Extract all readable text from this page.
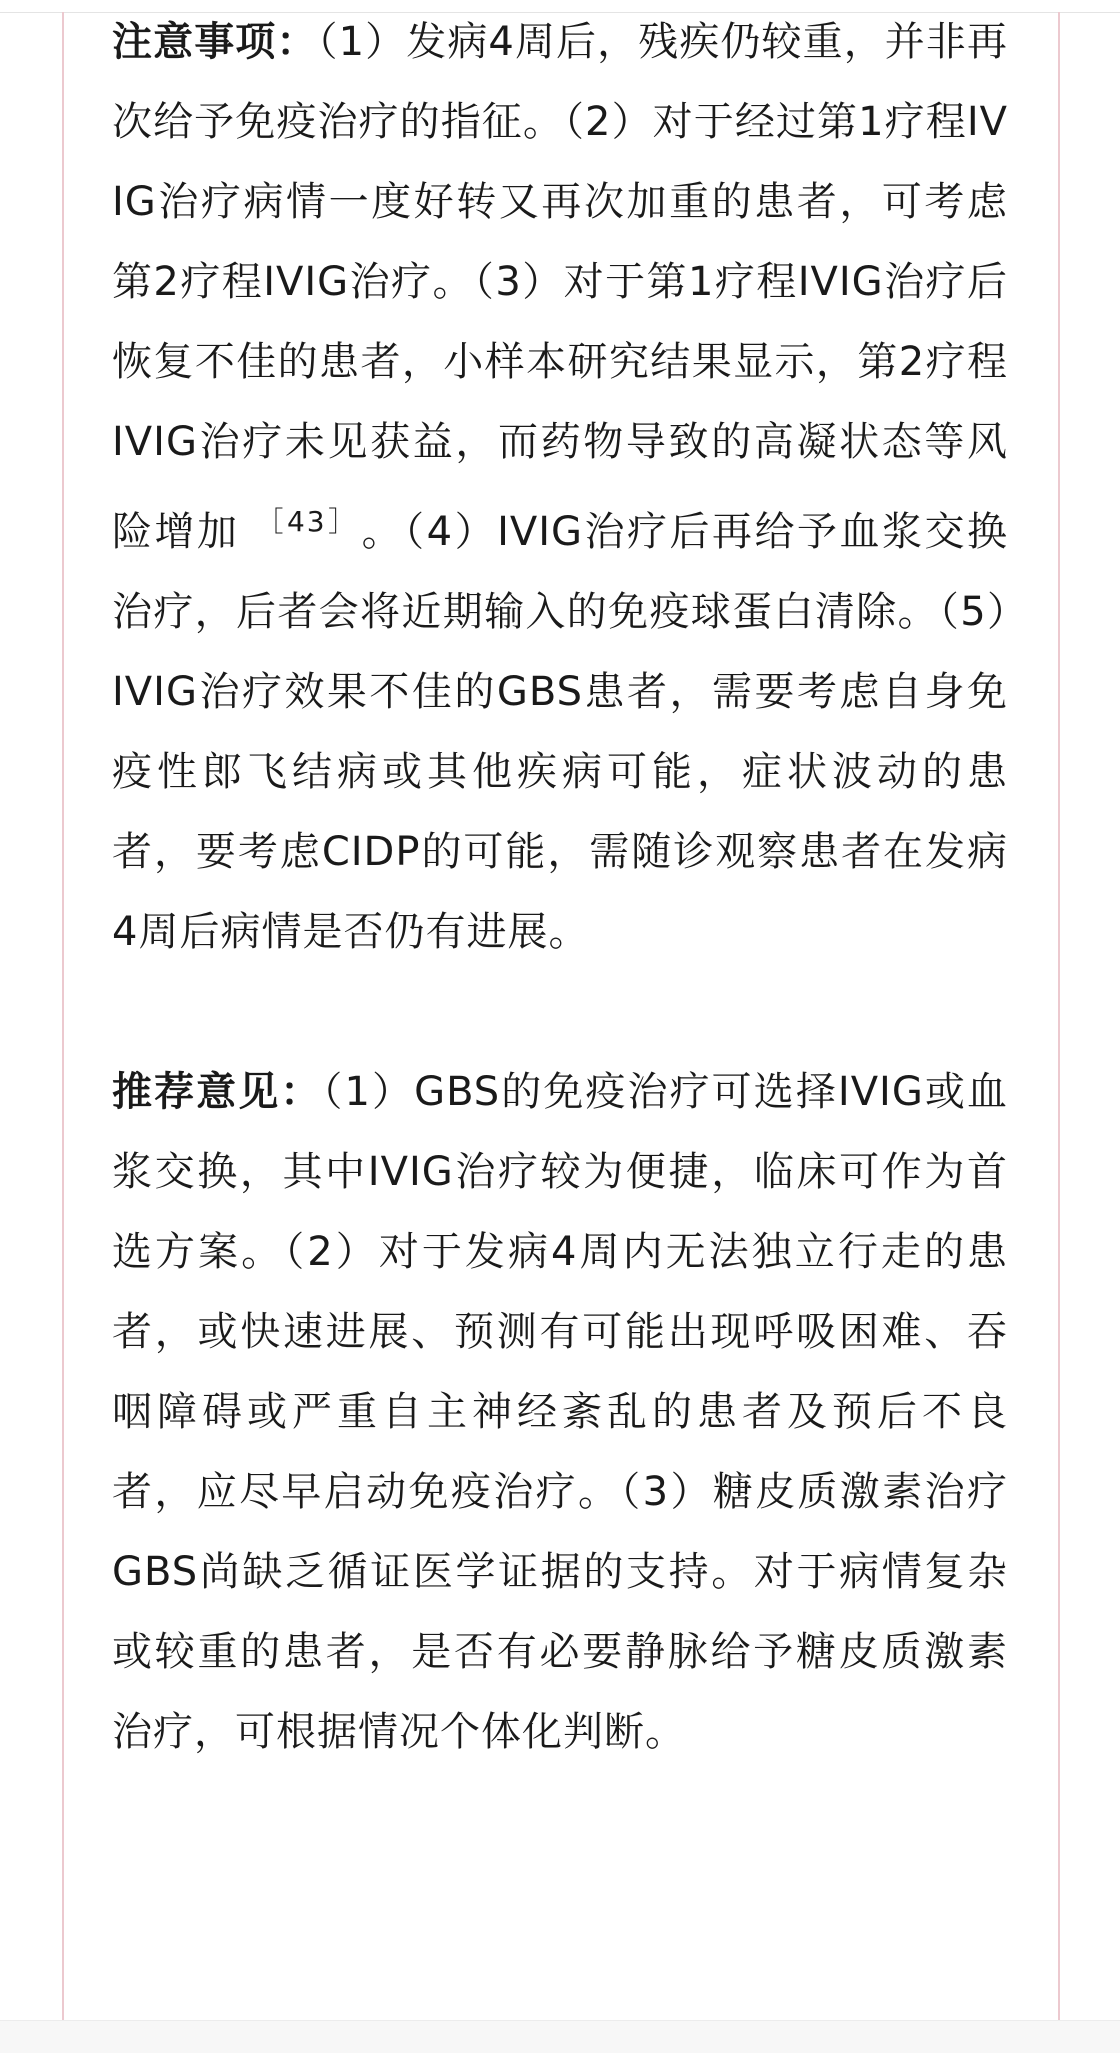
注意事项：（1）发病4周后，残疾仍较重，并非再次给予免疫治疗的指征。（2）对于经过第1疗程IVIG治疗病情一度好转又再次加重的患者，可考虑第2疗程IVIG治疗。（3）对于第1疗程IVIG治疗后恢复不佳的患者，小样本研究结果显示，第2疗程IVIG治疗未见获益，而药物导致的高凝状态等风险增加 $^{[43]}$ 。（4）IVIG治疗后再给予血浆交换治疗，后者会将近期输入的免疫球蛋白清除。（5）IVIG治疗效果不佳的GBS患者，需要考虑自身免疫性郎飞结病或其他疾病可能，症状波动的患者，要考虑CIDP的可能，需随诊观察患者在发病4周后病情是否仍有进展。

推荐意见：（1）GBS的免疫治疗可选择IVIG或血浆交换，其中IVIG治疗较为便捷，临床可作为首选方案。（2）对于发病4周内无法独立行走的患者，或快速进展、预测有可能出现呼吸困难、吞咽障碍或严重自主神经紊乱的患者及预后不良者，应尽早启动免疫治疗。（3）糖皮质激素治疗GBS尚缺乏循证医学证据的支持。对于病情复杂或较重的患者，是否有必要静脉给予糖皮质激素治疗，可根据情况个体化判断。
